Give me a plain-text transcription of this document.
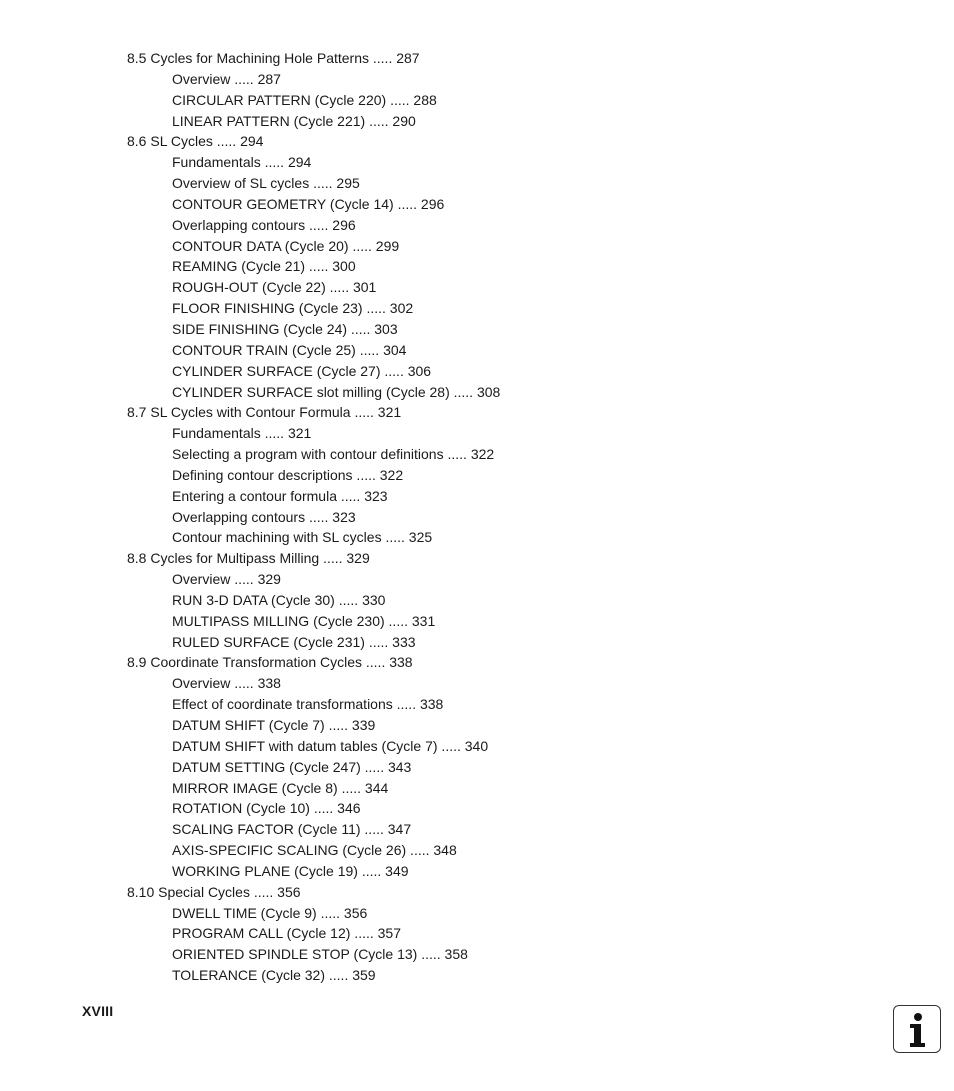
8.5 Cycles for Machining Hole Patterns ..... 287
Overview ..... 287
CIRCULAR PATTERN (Cycle 220) ..... 288
LINEAR PATTERN (Cycle 221) ..... 290
8.6 SL Cycles ..... 294
Fundamentals ..... 294
Overview of SL cycles ..... 295
CONTOUR GEOMETRY (Cycle 14) ..... 296
Overlapping contours ..... 296
CONTOUR DATA (Cycle 20) ..... 299
REAMING (Cycle 21) ..... 300
ROUGH-OUT (Cycle 22) ..... 301
FLOOR FINISHING (Cycle 23) ..... 302
SIDE FINISHING (Cycle 24) ..... 303
CONTOUR TRAIN (Cycle 25) ..... 304
CYLINDER SURFACE (Cycle 27) ..... 306
CYLINDER SURFACE slot milling (Cycle 28) ..... 308
8.7 SL Cycles with Contour Formula ..... 321
Fundamentals ..... 321
Selecting a program with contour definitions ..... 322
Defining contour descriptions ..... 322
Entering a contour formula ..... 323
Overlapping contours ..... 323
Contour machining with SL cycles ..... 325
8.8 Cycles for Multipass Milling ..... 329
Overview ..... 329
RUN 3-D DATA (Cycle 30) ..... 330
MULTIPASS MILLING (Cycle 230) ..... 331
RULED SURFACE (Cycle 231) ..... 333
8.9 Coordinate Transformation Cycles ..... 338
Overview ..... 338
Effect of coordinate transformations ..... 338
DATUM SHIFT (Cycle 7) ..... 339
DATUM SHIFT with datum tables (Cycle 7) ..... 340
DATUM SETTING (Cycle 247) ..... 343
MIRROR IMAGE (Cycle 8) ..... 344
ROTATION (Cycle 10) ..... 346
SCALING FACTOR (Cycle 11) ..... 347
AXIS-SPECIFIC SCALING (Cycle 26) ..... 348
WORKING PLANE (Cycle 19) ..... 349
8.10 Special Cycles ..... 356
DWELL TIME (Cycle 9) ..... 356
PROGRAM CALL (Cycle 12) ..... 357
ORIENTED SPINDLE STOP (Cycle 13) ..... 358
TOLERANCE (Cycle 32) ..... 359
XVIII
